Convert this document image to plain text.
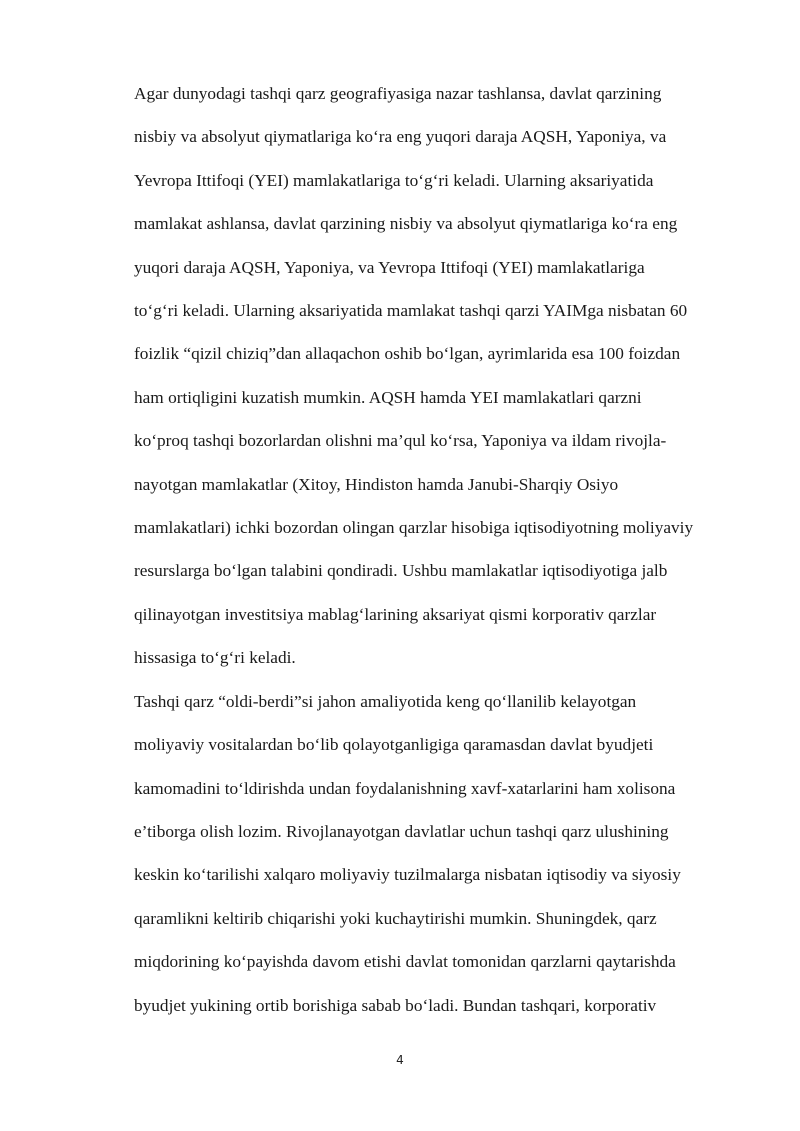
Agar dunyodagi tashqi qarz geografiyasiga nazar tashlansa, davlat qarzining
nisbiy va absolyut qiymatlariga ko‘ra eng yuqori daraja AQSH, Yaponiya, va
Yevropa Ittifoqi (YEI) mamlakatlariga to‘g‘ri keladi. Ularning aksariyatida
mamlakat ashlansa, davlat qarzining nisbiy va absolyut qiymatlariga ko‘ra eng
yuqori daraja AQSH, Yaponiya, va Yevropa Ittifoqi (YEI) mamlakatlariga
to‘g‘ri keladi. Ularning aksariyatida mamlakat tashqi qarzi YAIMga nisbatan 60
foizlik “qizil chiziq”dan allaqachon oshib bo‘lgan, ayrimlarida esa 100 foizdan
ham ortiqligini kuzatish mumkin. AQSH hamda YEI mamlakatlari qarzni
ko‘proq tashqi bozorlardan olishni ma’qul ko‘rsa, Yaponiya va ildam rivojla-
nayotgan mamlakatlar (Xitoy, Hindiston hamda Janubi-Sharqiy Osiyo
mamlakatlari) ichki bozordan olingan qarzlar hisobiga iqtisodiyotning moliyaviy
resurslarga bo‘lgan talabini qondiradi. Ushbu mamlakatlar iqtisodiyotiga jalb
qilinayotgan investitsiya mablag‘larining aksariyat qismi korporativ qarzlar
hissasiga to‘g‘ri keladi.

Tashqi qarz “oldi-berdi”si jahon amaliyotida keng qo‘llanilib kelayotgan
moliyaviy vositalardan bo‘lib qolayotganligiga qaramasdan davlat byudjeti
kamomadini to‘ldirishda undan foydalanishning xavf-xatarlarini ham xolisona
e’tiborga olish lozim. Rivojlanayotgan davlatlar uchun tashqi qarz ulushining
keskin ko‘tarilishi xalqaro moliyaviy tuzilmalarga nisbatan iqtisodiy va siyosiy
qaramlikni keltirib chiqarishi yoki kuchaytirishi mumkin. Shuningdek, qarz
miqdorining ko‘payishda davom etishi davlat tomonidan qarzlarni qaytarishda
byudjet yukining ortib borishiga sabab bo‘ladi. Bundan tashqari, korporativ

4
